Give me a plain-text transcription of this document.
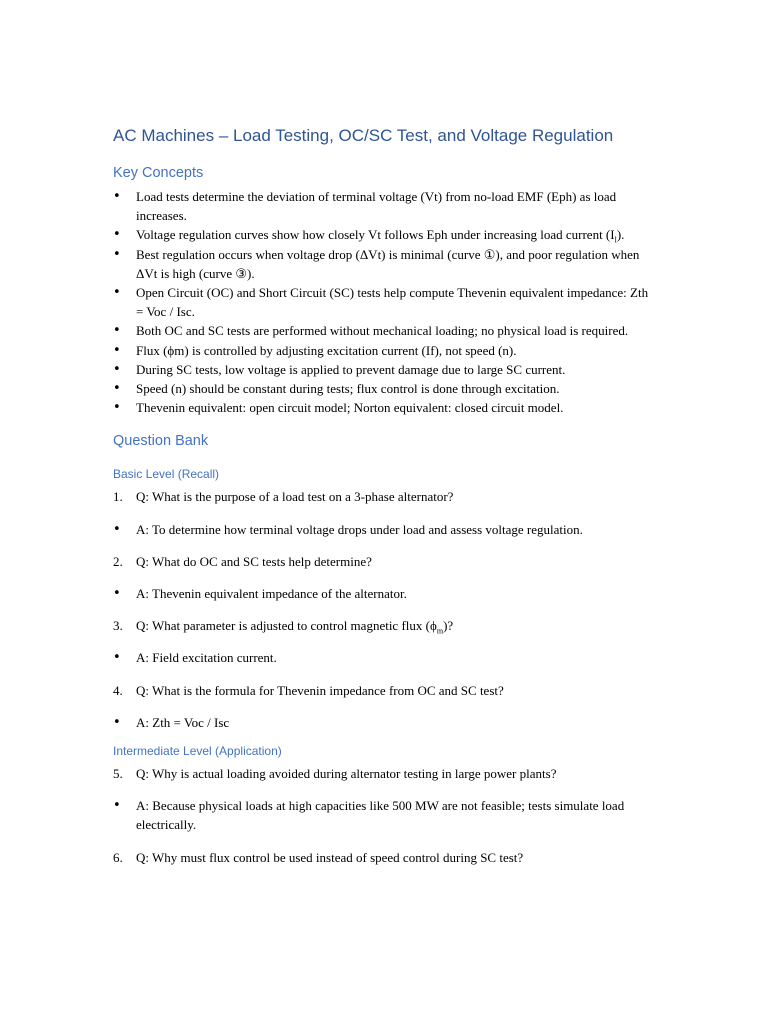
AC Machines – Load Testing, OC/SC Test, and Voltage Regulation
Key Concepts
• Load tests determine the deviation of terminal voltage (Vt) from no-load EMF (Eph) as load increases.
• Voltage regulation curves show how closely Vt follows Eph under increasing load current $(I_l)$.
• Best regulation occurs when voltage drop (ΔVt) is minimal (curve ①), and poor regulation when ΔVt is high (curve ③).
• Open Circuit (OC) and Short Circuit (SC) tests help compute Thevenin equivalent impedance: Zth = Voc / Isc.
• Both OC and SC tests are performed without mechanical loading; no physical load is required.
• Flux (ϕm) is controlled by adjusting excitation current (If), not speed (n).
• During SC tests, low voltage is applied to prevent damage due to large SC current.
• Speed (n) should be constant during tests; flux control is done through excitation.
• Thevenin equivalent: open circuit model; Norton equivalent: closed circuit model.
Question Bank
Basic Level (Recall)
1. Q: What is the purpose of a load test on a 3-phase alternator?
• A: To determine how terminal voltage drops under load and assess voltage regulation.
2. Q: What do OC and SC tests help determine?
• A: Thevenin equivalent impedance of the alternator.
3. Q: What parameter is adjusted to control magnetic flux $(\phi_m)$?
• A: Field excitation current.
4. Q: What is the formula for Thevenin impedance from OC and SC test?
• A: Zth = Voc / Isc
Intermediate Level (Application)
5. Q: Why is actual loading avoided during alternator testing in large power plants?
• A: Because physical loads at high capacities like 500 MW are not feasible; tests simulate load electrically.
6. Q: Why must flux control be used instead of speed control during SC test?
